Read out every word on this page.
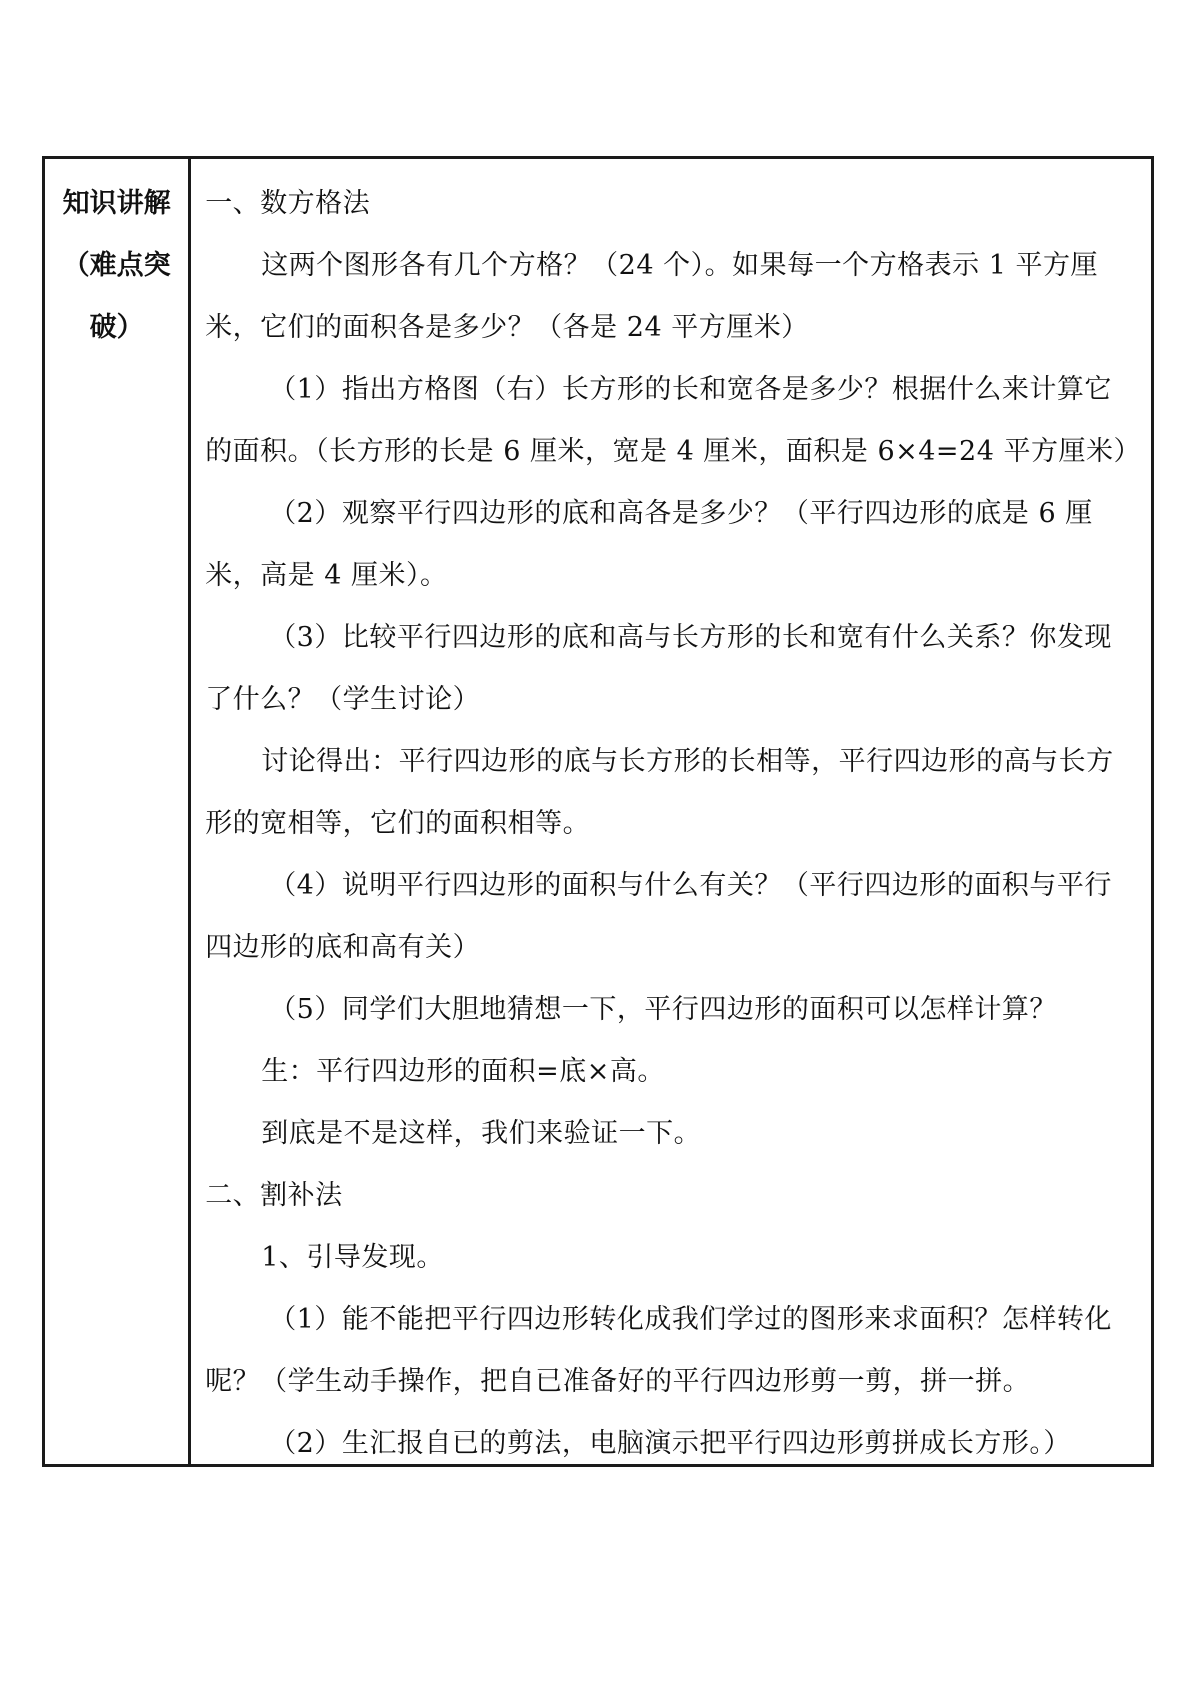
知识讲解
（难点突
破）

一、数方格法

这两个图形各有几个方格？（24 个）。如果每一个方格表示 1 平方厘

米，它们的面积各是多少？（各是 24 平方厘米）

（1）指出方格图（右）长方形的长和宽各是多少？根据什么来计算它

的面积。（长方形的长是 6 厘米，宽是 4 厘米，面积是 6×4=24 平方厘米）

（2）观察平行四边形的底和高各是多少？（平行四边形的底是 6 厘

米，高是 4 厘米）。

（3）比较平行四边形的底和高与长方形的长和宽有什么关系？你发现

了什么？（学生讨论）

讨论得出：平行四边形的底与长方形的长相等，平行四边形的高与长方

形的宽相等，它们的面积相等。

（4）说明平行四边形的面积与什么有关？（平行四边形的面积与平行

四边形的底和高有关）

（5）同学们大胆地猜想一下，平行四边形的面积可以怎样计算？

生：平行四边形的面积=底×高。

到底是不是这样，我们来验证一下。

二、割补法

1、引导发现。

（1）能不能把平行四边形转化成我们学过的图形来求面积？怎样转化

呢？（学生动手操作，把自已准备好的平行四边形剪一剪，拼一拼。

（2）生汇报自已的剪法，电脑演示把平行四边形剪拼成长方形。）
